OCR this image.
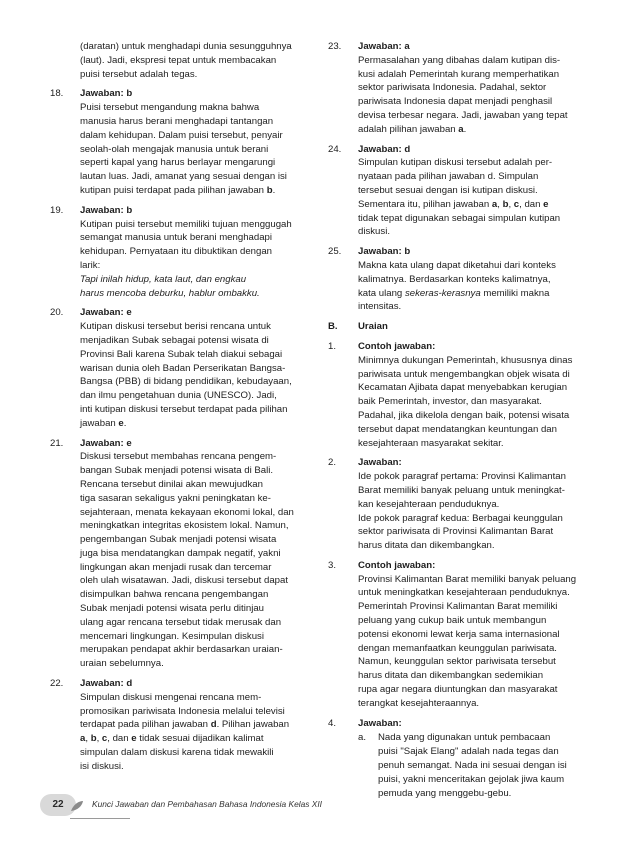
(daratan) untuk menghadapi dunia sesungguhnya
(laut). Jadi, ekspresi tepat untuk membacakan
puisi tersebut adalah tegas.
18.	Jawaban: b
Puisi tersebut mengandung makna bahwa
manusia harus berani menghadapi tantangan
dalam kehidupan. Dalam puisi tersebut, penyair
seolah-olah mengajak manusia untuk berani
seperti kapal yang harus berlayar mengarungi
lautan luas. Jadi, amanat yang sesuai dengan isi
kutipan puisi terdapat pada pilihan jawaban b.
19.	Jawaban: b
Kutipan puisi tersebut memiliki tujuan menggugah
semangat manusia untuk berani menghadapi
kehidupan. Pernyataan itu dibuktikan dengan
larik:
Tapi inilah hidup, kata laut, dan engkau
harus mencoba deburku, hablur ombakku.
20.	Jawaban: e
Kutipan diskusi tersebut berisi rencana untuk
menjadikan Subak sebagai potensi wisata di
Provinsi Bali karena Subak telah diakui sebagai
warisan dunia oleh Badan Perserikatan Bangsa-
Bangsa (PBB) di bidang pendidikan, kebudayaan,
dan ilmu pengetahuan dunia (UNESCO). Jadi,
inti kutipan diskusi tersebut terdapat pada pilihan
jawaban e.
21.	Jawaban: e
Diskusi tersebut membahas rencana pengem-
bangan Subak menjadi potensi wisata di Bali.
Rencana tersebut dinilai akan mewujudkan
tiga sasaran sekaligus yakni peningkatan ke-
sejahteraan, menata kekayaan ekonomi lokal, dan
meningkatkan integritas ekosistem lokal. Namun,
pengembangan Subak menjadi potensi wisata
juga bisa mendatangkan dampak negatif, yakni
lingkungan akan menjadi rusak dan tercemar
oleh ulah wisatawan. Jadi, diskusi tersebut dapat
disimpulkan bahwa rencana pengembangan
Subak menjadi potensi wisata perlu ditinjau
ulang agar rencana tersebut tidak merusak dan
mencemari lingkungan. Kesimpulan diskusi
merupakan pendapat akhir berdasarkan uraian-
uraian sebelumnya.
22.	Jawaban: d
Simpulan diskusi mengenai rencana mem-
promosikan pariwisata Indonesia melalui televisi
terdapat pada pilihan jawaban d. Pilihan jawaban
a, b, c, dan e tidak sesuai dijadikan kalimat
simpulan dalam diskusi karena tidak mewakili
isi diskusi.
23.	Jawaban: a
Permasalahan yang dibahas dalam kutipan dis-
kusi adalah Pemerintah kurang memperhatikan
sektor pariwisata Indonesia. Padahal, sektor
pariwisata Indonesia dapat menjadi penghasil
devisa terbesar negara. Jadi, jawaban yang tepat
adalah pilihan jawaban a.
24.	Jawaban: d
Simpulan kutipan diskusi tersebut adalah per-
nyataan pada pilihan jawaban d. Simpulan
tersebut sesuai dengan isi kutipan diskusi.
Sementara itu, pilihan jawaban a, b, c, dan e
tidak tepat digunakan sebagai simpulan kutipan
diskusi.
25.	Jawaban: b
Makna kata ulang dapat diketahui dari konteks
kalimatnya. Berdasarkan konteks kalimatnya,
kata ulang sekeras-kerasnya memiliki makna
intensitas.
B.	Uraian
1.	Contoh jawaban:
Minimnya dukungan Pemerintah, khususnya dinas
pariwisata untuk mengembangkan objek wisata di
Kecamatan Ajibata dapat menyebabkan kerugian
baik Pemerintah, investor, dan masyarakat.
Padahal, jika dikelola dengan baik, potensi wisata
tersebut dapat mendatangkan keuntungan dan
kesejahteraan masyarakat sekitar.
2.	Jawaban:
Ide pokok paragraf pertama: Provinsi Kalimantan
Barat memiliki banyak peluang untuk meningkat-
kan kesejahteraan penduduknya.
Ide pokok paragraf kedua: Berbagai keunggulan
sektor pariwisata di Provinsi Kalimantan Barat
harus ditata dan dikembangkan.
3.	Contoh jawaban:
Provinsi Kalimantan Barat memiliki banyak peluang
untuk meningkatkan kesejahteraan penduduknya.
Pemerintah Provinsi Kalimantan Barat memiliki
peluang yang cukup baik untuk membangun
potensi ekonomi lewat kerja sama internasional
dengan memanfaatkan keunggulan pariwisata.
Namun, keunggulan sektor pariwisata tersebut
harus ditata dan dikembangkan sedemikian
rupa agar negara diuntungkan dan masyarakat
terangkat kesejahteraannya.
4.	Jawaban:
a.	Nada yang digunakan untuk pembacaan
puisi "Sajak Elang" adalah nada tegas dan
penuh semangat. Nada ini sesuai dengan isi
puisi, yakni menceritakan gejolak jiwa kaum
pemuda yang menggebu-gebu.
22	Kunci Jawaban dan Pembahasan Bahasa Indonesia Kelas XII
